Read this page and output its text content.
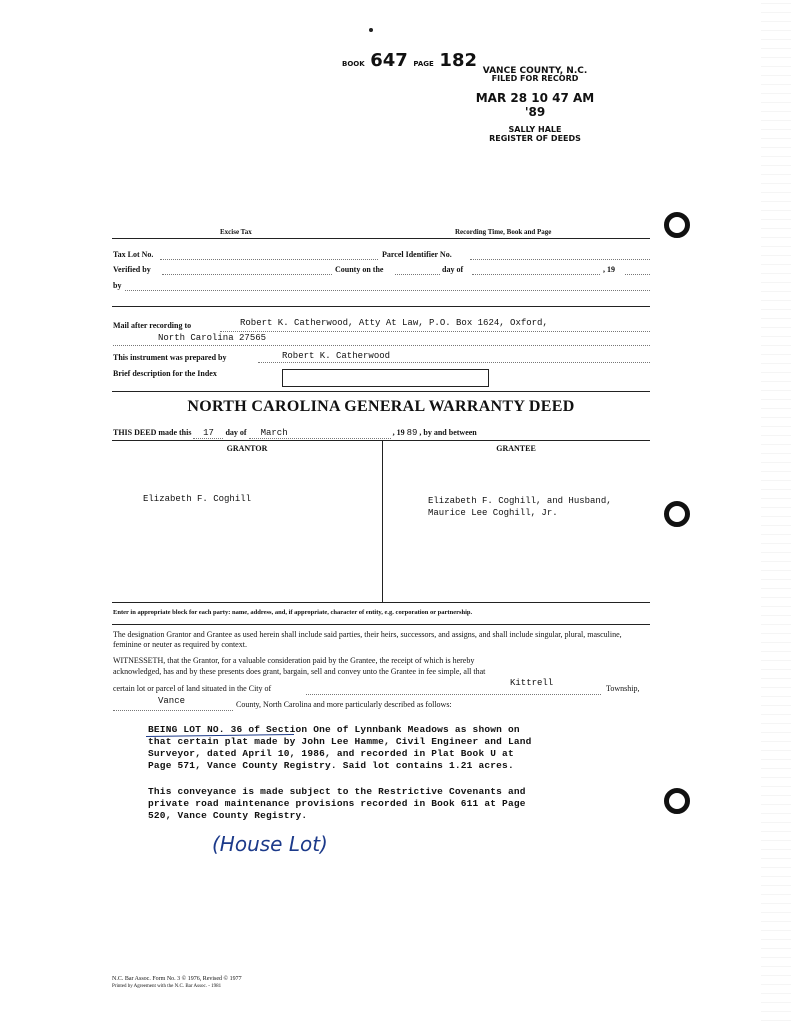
BOOK 647 PAGE 182 VANCE COUNTY, N.C.
FILED FOR RECORD
MAR 28 10 47 AM '89
SALLY HALE
REGISTER OF DEEDS
Excise Tax	Recording Time, Book and Page
Tax Lot No.	Parcel Identifier No.
Verified by	County on the	day of	, 19
by
Mail after recording to	Robert K. Catherwood, Atty At Law, P.O. Box 1624, Oxford,
North Carolina 27565
This instrument was prepared by	Robert K. Catherwood
Brief description for the Index
NORTH CAROLINA GENERAL WARRANTY DEED
THIS DEED made this 17 day of March	, 19 89 , by and between
GRANTOR	GRANTEE
Elizabeth F. Coghill	Elizabeth F. Coghill, and Husband,
Maurice Lee Coghill, Jr.
Enter in appropriate block for each party: name, address, and, if appropriate, character of entity, e.g. corporation or partnership.
The designation Grantor and Grantee as used herein shall include said parties, their heirs, successors, and assigns, and shall include singular, plural, masculine, feminine or neuter as required by context.
WITNESSETH, that the Grantor, for a valuable consideration paid by the Grantee, the receipt of which is hereby
acknowledged, has and by these presents does grant, bargain, sell and convey unto the Grantee in fee simple, all that
Kittrell
certain lot or parcel of land situated in the City of	Township,
Vance	County, North Carolina and more particularly described as follows:
BEING LOT NO. 36 of Section One of Lynnbank Meadows as shown on
that certain plat made by John Lee Hamme, Civil Engineer and Land
Surveyor, dated April 10, 1986, and recorded in Plat Book U at
Page 571, Vance County Registry. Said lot contains 1.21 acres.
This conveyance is made subject to the Restrictive Covenants and
private road maintenance provisions recorded in Book 611 at Page
520, Vance County Registry.
(House Lot)
N.C. Bar Assoc. Form No. 3 © 1976, Revised © 1977
Printed by Agreement with the N.C. Bar Assoc. - 1981
